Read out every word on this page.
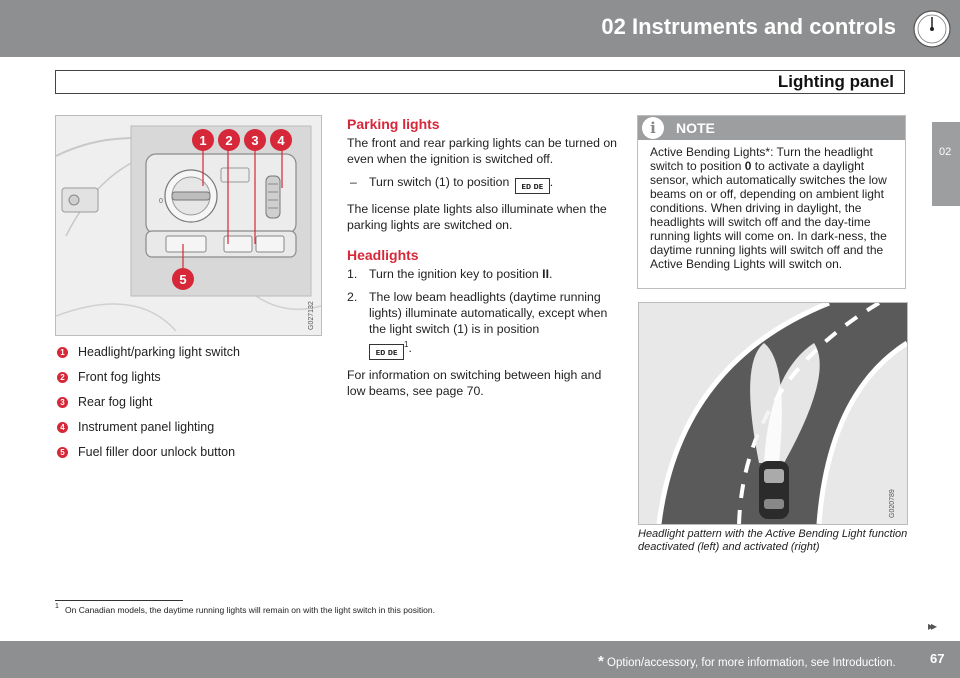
02 Instruments and controls
Lighting panel
02
0
1 2 3 4
5
G027132
1 Headlight/parking light switch
2 Front fog lights
3 Rear fog light
4 Instrument panel lighting
5 Fuel filler door unlock button
Parking lights

The front and rear parking lights can be turned on even when the ignition is switched off.

– Turn switch (1) to position ᴇᴅ ᴅᴇ .

The license plate lights also illuminate when the parking lights are switched on.

Headlights
1. Turn the ignition key to position II.
2. The low beam headlights (daytime running lights) illuminate automatically, except when the light switch (1) is in position
ᴇᴅ ᴅᴇ$^1$.

For information on switching between high and low beams, see page 70.

i	NOTE
Active Bending Lights*: Turn the headlight switch to position 0 to activate a daylight sensor, which automatically switches the low beams on or off, depending on ambient light conditions. When driving in daylight, the headlights will switch off and the day-time running lights will come on. In dark-ness, the daytime running lights will switch off and the Active Bending Lights will switch on.
G020789
Headlight pattern with the Active Bending Light function deactivated (left) and activated (right)
1 On Canadian models, the daytime running lights will remain on with the light switch in this position.
▸▸
* Option/accessory, for more information, see Introduction.	67
